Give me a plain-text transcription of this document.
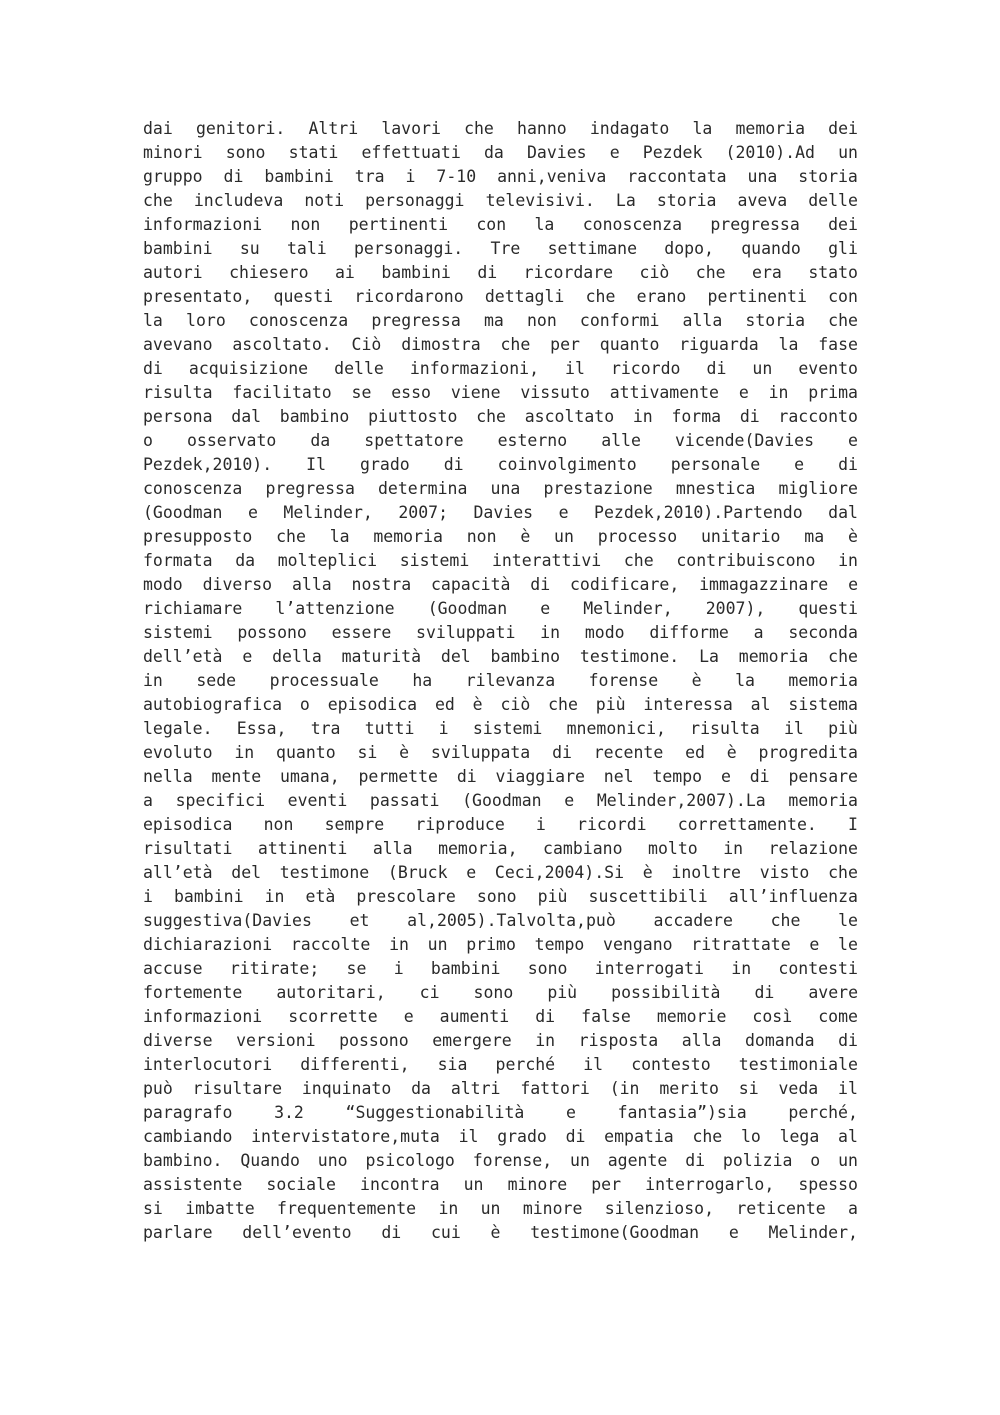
dai genitori. Altri lavori che hanno indagato la memoria dei
minori sono stati effettuati da Davies e Pezdek (2010).Ad un
gruppo di bambini tra i 7-10 anni,veniva raccontata una storia
che includeva noti personaggi televisivi. La storia aveva delle
informazioni non pertinenti con la conoscenza pregressa dei
bambini su tali personaggi. Tre settimane dopo, quando gli
autori chiesero ai bambini di ricordare ciò che era stato
presentato, questi ricordarono dettagli che erano pertinenti con
la loro conoscenza pregressa ma non conformi alla storia che
avevano ascoltato. Ciò dimostra che per quanto riguarda la fase
di acquisizione delle informazioni, il ricordo di un evento
risulta facilitato se esso viene vissuto attivamente e in prima
persona dal bambino piuttosto che ascoltato in forma di racconto
o osservato da spettatore esterno alle vicende(Davies e
Pezdek,2010). Il grado di coinvolgimento personale e di
conoscenza pregressa determina una prestazione mnestica migliore
(Goodman e Melinder, 2007; Davies e Pezdek,2010).Partendo dal
presupposto che la memoria non è un processo unitario ma è
formata da molteplici sistemi interattivi che contribuiscono in
modo diverso alla nostra capacità di codificare, immagazzinare e
richiamare l’attenzione (Goodman e Melinder, 2007), questi
sistemi possono essere sviluppati in modo difforme a seconda
dell’età e della maturità del bambino testimone. La memoria che
in sede processuale ha rilevanza forense è la memoria
autobiografica o episodica ed è ciò che più interessa al sistema
legale. Essa, tra tutti i sistemi mnemonici, risulta il più
evoluto in quanto si è sviluppata di recente ed è progredita
nella mente umana, permette di viaggiare nel tempo e di pensare
a specifici eventi passati (Goodman e Melinder,2007).La memoria
episodica non sempre riproduce i ricordi correttamente. I
risultati attinenti alla memoria, cambiano molto in relazione
all’età del testimone (Bruck e Ceci,2004).Si è inoltre visto che
i bambini in età prescolare sono più suscettibili all’influenza
suggestiva(Davies et al,2005).Talvolta,può accadere che le
dichiarazioni raccolte in un primo tempo vengano ritrattate e le
accuse ritirate; se i bambini sono interrogati in contesti
fortemente autoritari, ci sono più possibilità di avere
informazioni scorrette e aumenti di false memorie così come
diverse versioni possono emergere in risposta alla domanda di
interlocutori differenti, sia perché il contesto testimoniale
può risultare inquinato da altri fattori (in merito si veda il
paragrafo	3.2	“Suggestionabilità	e	fantasia”)sia	perché,
cambiando intervistatore,muta il grado di empatia che lo lega al
bambino. Quando uno psicologo forense, un agente di polizia o un
assistente sociale incontra un minore per interrogarlo, spesso
si imbatte frequentemente in un minore silenzioso, reticente a
parlare dell’evento di cui è testimone(Goodman e Melinder,
